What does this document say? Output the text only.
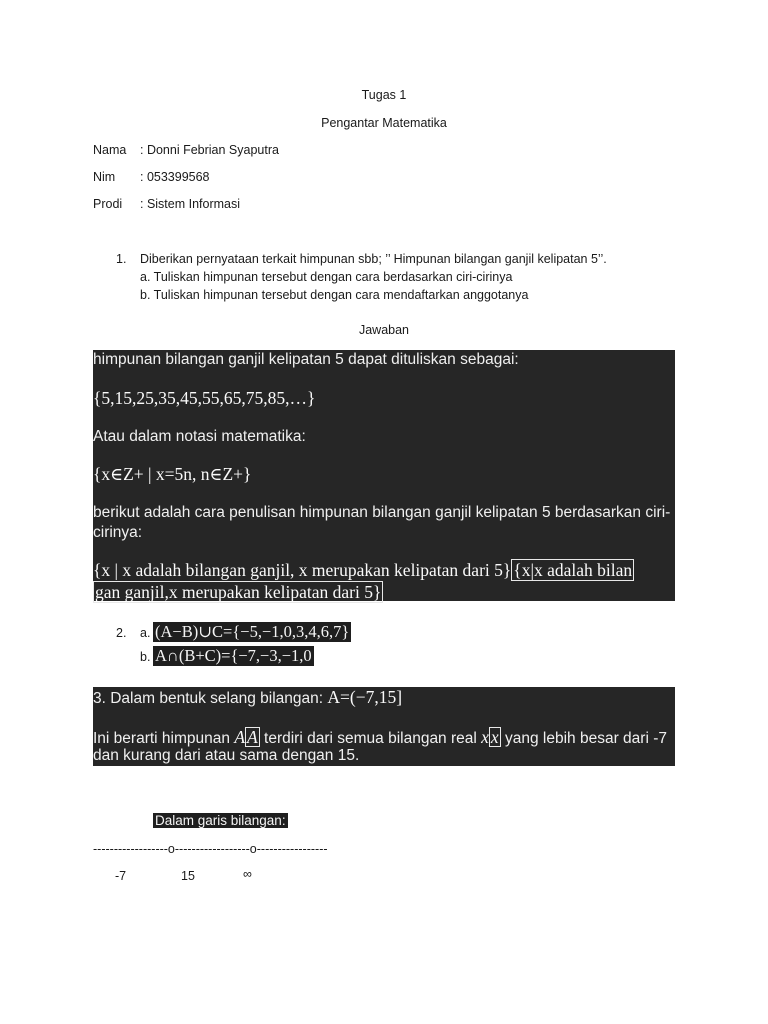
Tugas 1
Pengantar Matematika
Nama : Donni Febrian Syaputra
Nim : 053399568
Prodi : Sistem Informasi
1. Diberikan pernyataan terkait himpunan sbb; ’’ Himpunan bilangan ganjil kelipatan 5’’.
a. Tuliskan himpunan tersebut dengan cara berdasarkan ciri-cirinya
b. Tuliskan himpunan tersebut dengan cara mendaftarkan anggotanya
Jawaban
himpunan bilangan ganjil kelipatan 5 dapat dituliskan sebagai:
{5,15,25,35,45,55,65,75,85,…}
Atau dalam notasi matematika:
{x∈Z+ | x=5n, n∈Z+}
berikut adalah cara penulisan himpunan bilangan ganjil kelipatan 5 berdasarkan ciri-
cirinya:
{x | x adalah bilangan ganjil, x merupakan kelipatan dari 5} {x|x adalah bilan
gan ganjil,x merupakan kelipatan dari 5}
2. a. (A−B)∪C={−5,−1,0,3,4,6,7}
b. A∩(B+C)={−7,−3,−1,0
3. Dalam bentuk selang bilangan: A=(−7,15]
Ini berarti himpunan A A terdiri dari semua bilangan real x x yang lebih besar dari -7
dan kurang dari atau sama dengan 15.
Dalam garis bilangan:
------------------o------------------o-----------------
-7	15	∞
